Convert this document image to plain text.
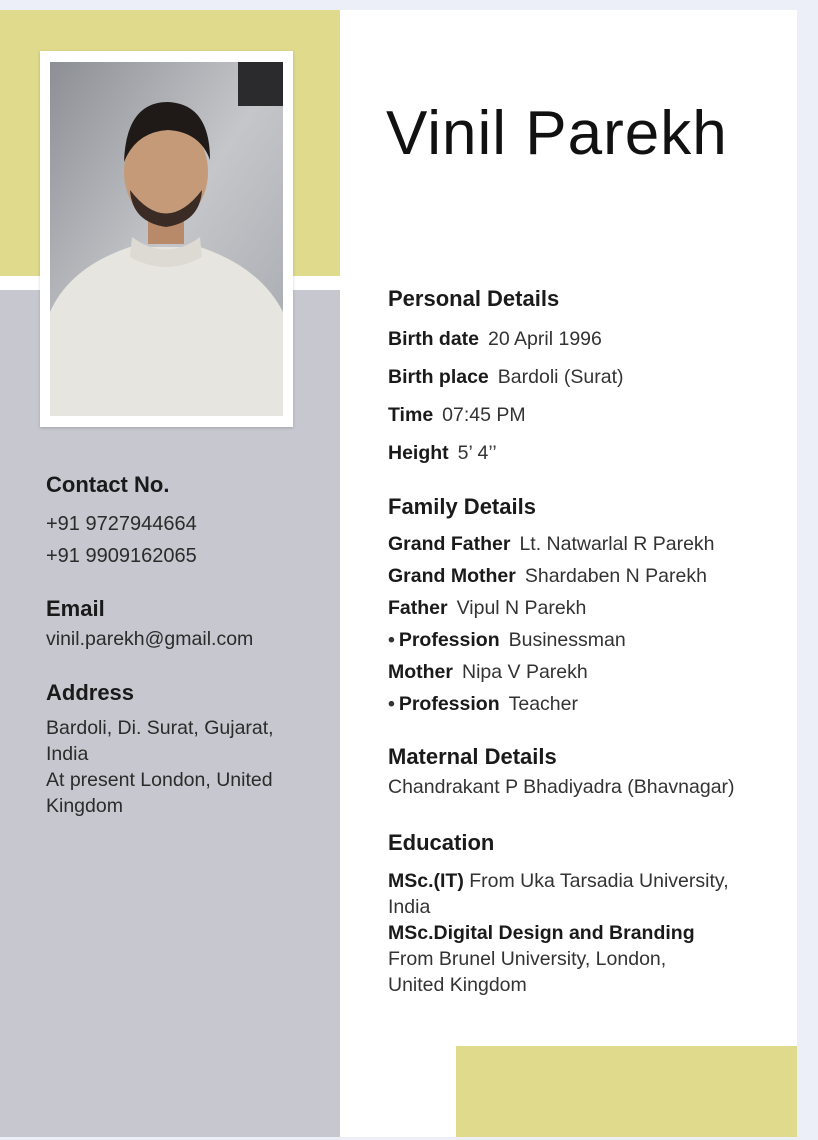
Contact No.
+91 9727944664
+91 9909162065
Email
vinil.parekh@gmail.com
Address
Bardoli, Di. Surat, Gujarat,
India
At present London, United
Kingdom
Vinil Parekh
Personal Details
Birth date 20 April 1996
Birth place Bardoli (Surat)
Time 07:45 PM
Height 5’ 4’’
Family Details
Grand Father Lt. Natwarlal R Parekh
Grand Mother Shardaben N Parekh
Father Vipul N Parekh
• Profession Businessman
Mother Nipa V Parekh
• Profession Teacher
Maternal Details
Chandrakant P Bhadiyadra (Bhavnagar)
Education
MSc.(IT) From Uka Tarsadia University,
India
MSc.Digital Design and Branding
From Brunel University, London,
United Kingdom
